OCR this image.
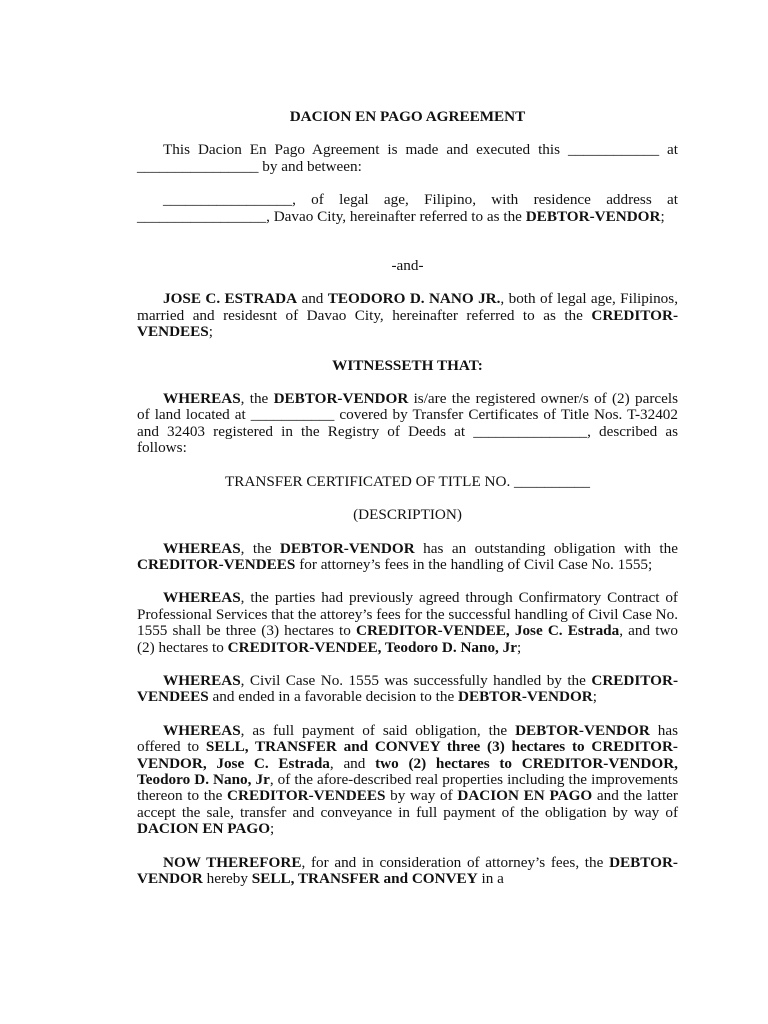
DACION EN PAGO AGREEMENT

This Dacion En Pago Agreement is made and executed this ____________ at ________________ by and between:

_________________, of legal age, Filipino, with residence address at _________________, Davao City, hereinafter referred to as the DEBTOR-VENDOR;

-and-

JOSE C. ESTRADA and TEODORO D. NANO JR., both of legal age, Filipinos, married and residesnt of Davao City, hereinafter referred to as the CREDITOR-VENDEES;

WITNESSETH THAT:

WHEREAS, the DEBTOR-VENDOR is/are the registered owner/s of (2) parcels of land located at ___________ covered by Transfer Certificates of Title Nos. T-32402 and 32403 registered in the Registry of Deeds at _______________, described as follows:

TRANSFER CERTIFICATED OF TITLE NO. __________
(DESCRIPTION)

WHEREAS, the DEBTOR-VENDOR has an outstanding obligation with the CREDITOR-VENDEES for attorney’s fees in the handling of Civil Case No. 1555;

WHEREAS, the parties had previously agreed through Confirmatory Contract of Professional Services that the attorey’s fees for the successful handling of Civil Case No. 1555 shall be three (3) hectares to CREDITOR-VENDEE, Jose C. Estrada, and two (2) hectares to CREDITOR-VENDEE, Teodoro D. Nano, Jr;

WHEREAS, Civil Case No. 1555 was successfully handled by the CREDITOR-VENDEES and ended in a favorable decision to the DEBTOR-VENDOR;

WHEREAS, as full payment of said obligation, the DEBTOR-VENDOR has offered to SELL, TRANSFER and CONVEY three (3) hectares to CREDITOR-VENDOR, Jose C. Estrada, and two (2) hectares to CREDITOR-VENDOR, Teodoro D. Nano, Jr, of the afore-described real properties including the improvements thereon to the CREDITOR-VENDEES by way of DACION EN PAGO and the latter accept the sale, transfer and conveyance in full payment of the obligation by way of DACION EN PAGO;

NOW THEREFORE, for and in consideration of attorney’s fees, the DEBTOR-VENDOR hereby SELL, TRANSFER and CONVEY in a
